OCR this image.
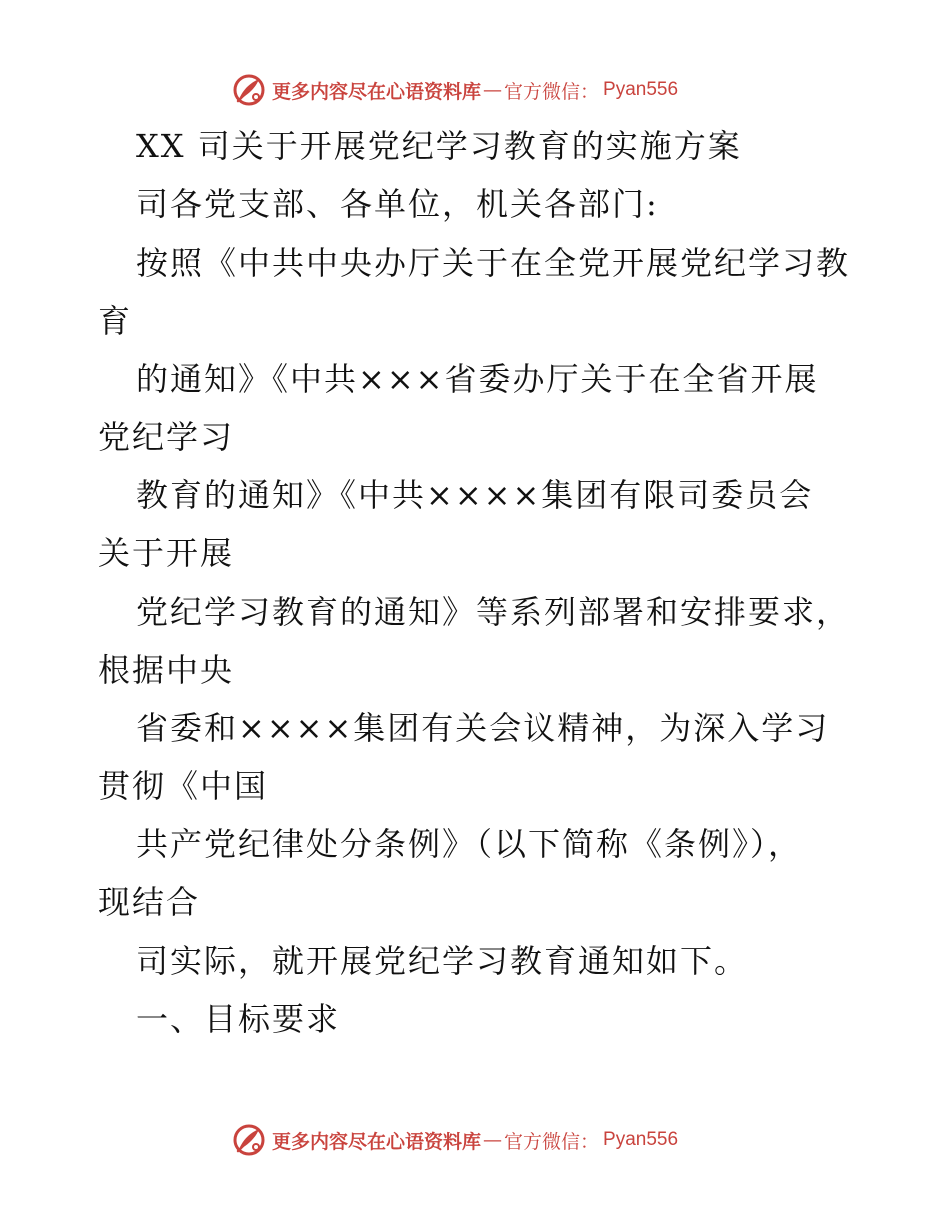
更多内容尽在心语资料库 — 官方微信： Pyan556
XX 司关于开展党纪学习教育的实施方案
司各党支部、各单位，机关各部门:
按照《中共中央办厅关于在全党开展党纪学习教
育
的通知》《中共×××省委办厅关于在全省开展
党纪学习
教育的通知》《中共××××集团有限司委员会
关于开展
党纪学习教育的通知》等系列部署和安排要求，
根据中央
省委和××××集团有关会议精神，为深入学习
贯彻《中国
共产党纪律处分条例》（以下简称《条例》），
现结合
司实际，就开展党纪学习教育通知如下。
一、目标要求
更多内容尽在心语资料库 — 官方微信： Pyan556
